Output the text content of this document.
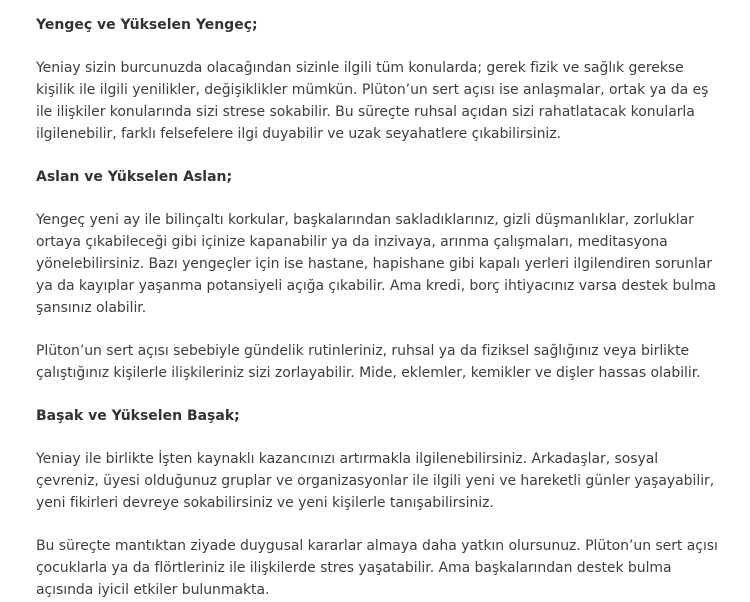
Yengeç ve Yükselen Yengeç;

Yeniay sizin burcunuzda olacağından sizinle ilgili tüm konularda; gerek fizik ve sağlık gerekse kişilik ile ilgili yenilikler, değişiklikler mümkün. Plüton’un sert açısı ise anlaşmalar, ortak ya da eş ile ilişkiler konularında sizi strese sokabilir. Bu süreçte ruhsal açıdan sizi rahatlatacak konularla ilgilenebilir, farklı felsefelere ilgi duyabilir ve uzak seyahatlere çıkabilirsiniz.

Aslan ve Yükselen Aslan;

Yengeç yeni ay ile bilinçaltı korkular, başkalarından sakladıklarınız, gizli düşmanlıklar, zorluklar ortaya çıkabileceği gibi içinize kapanabilir ya da inzivaya, arınma çalışmaları, meditasyona yönelebilirsiniz. Bazı yengeçler için ise hastane, hapishane gibi kapalı yerleri ilgilendiren sorunlar ya da kayıplar yaşanma potansiyeli açığa çıkabilir. Ama kredi, borç ihtiyacınız varsa destek bulma şansınız olabilir.

Plüton’un sert açısı sebebiyle gündelik rutinleriniz, ruhsal ya da fiziksel sağlığınız veya birlikte çalıştığınız kişilerle ilişkileriniz sizi zorlayabilir. Mide, eklemler, kemikler ve dişler hassas olabilir.

Başak ve Yükselen Başak;

Yeniay ile birlikte İşten kaynaklı kazancınızı artırmakla ilgilenebilirsiniz. Arkadaşlar, sosyal çevreniz, üyesi olduğunuz gruplar ve organizasyonlar ile ilgili yeni ve hareketli günler yaşayabilir, yeni fikirleri devreye sokabilirsiniz ve yeni kişilerle tanışabilirsiniz.

Bu süreçte mantıktan ziyade duygusal kararlar almaya daha yatkın olursunuz. Plüton’un sert açısı çocuklarla ya da flörtleriniz ile ilişkilerde stres yaşatabilir. Ama başkalarından destek bulma açısında iyicil etkiler bulunmakta.
